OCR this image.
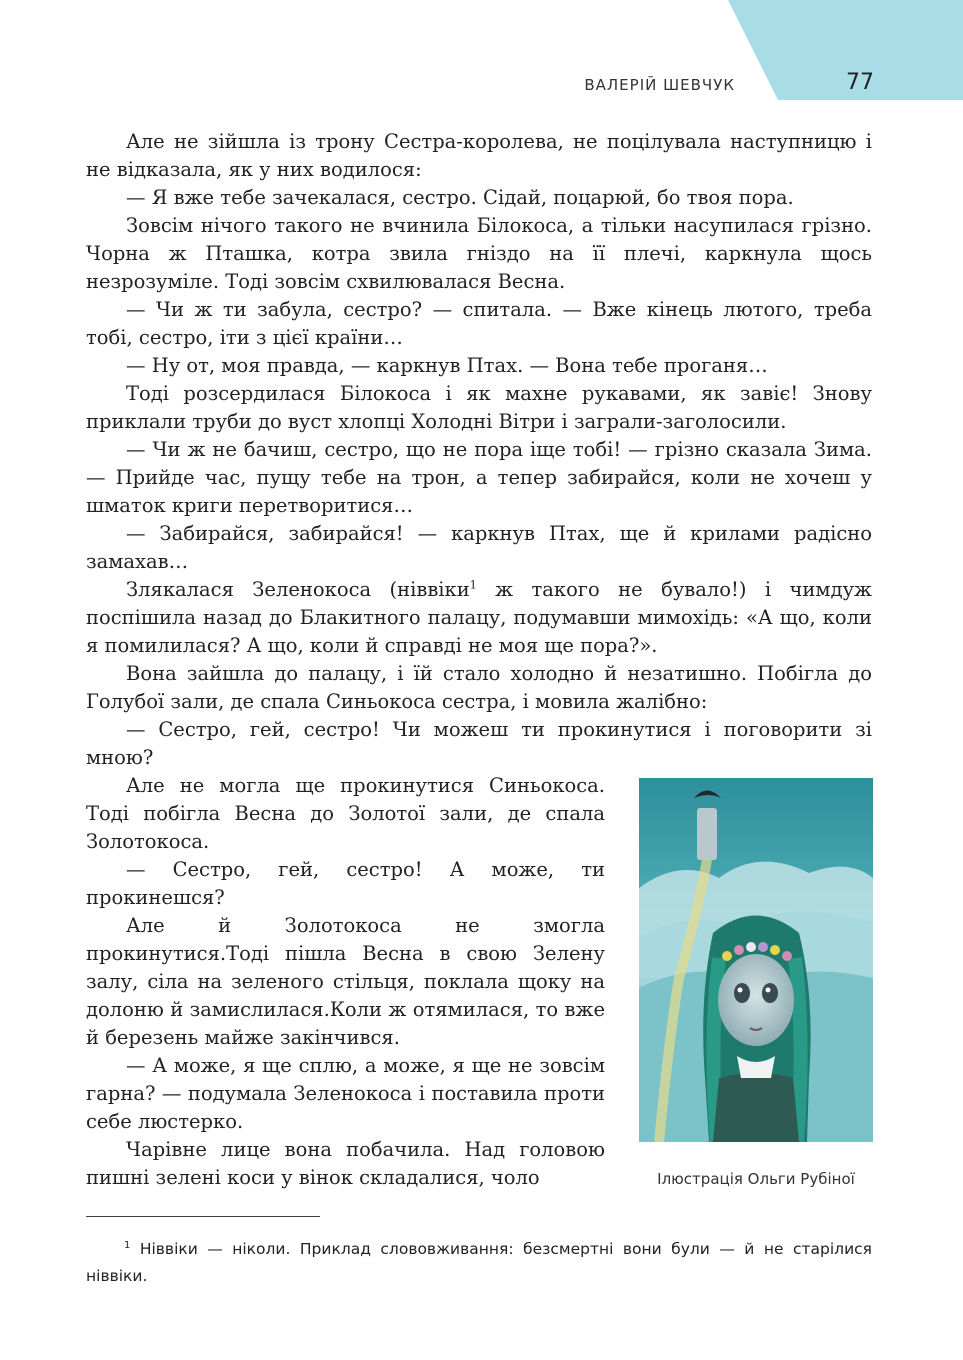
ВАЛЕРІЙ ШЕВЧУК	77

Але не зійшла із трону Сестра-королева, не поцілувала наступницю і не відказала, як у них водилося:

— Я вже тебе зачекалася, сестро. Сідай, поцарюй, бо твоя пора.

Зовсім нічого такого не вчинила Білокоса, а тільки насупилася грізно. Чорна ж Пташка, котра звила гніздо на її плечі, каркнула щось незрозуміле. Тоді зовсім схвилювалася Весна.

— Чи ж ти забула, сестро? — спитала. — Вже кінець лютого, треба тобі, сестро, іти з цієї країни…

— Ну от, моя правда, — каркнув Птах. — Вона тебе проганя…

Тоді розсердилася Білокоса і як махне рукавами, як завіє! Знову приклали труби до вуст хлопці Холодні Вітри і заграли-заголосили.

— Чи ж не бачиш, сестро, що не пора іще тобі! — грізно сказала Зима. — Прийде час, пущу тебе на трон, а тепер забирайся, коли не хочеш у шматок криги перетворитися…

— Забирайся, забирайся! — каркнув Птах, ще й крилами радісно замахав…

Злякалася Зеленокоса (ніввіки$^1$ ж такого не бувало!) і чимдуж поспішила назад до Блакитного палацу, подумавши мимохідь: «А що, коли я помилилася? А що, коли й справді не моя ще пора?».

Вона зайшла до палацу, і їй стало холодно й незатишно. Побігла до Голубої зали, де спала Синьокоса сестра, і мовила жалібно:

— Сестро, гей, сестро! Чи можеш ти прокинутися і поговорити зі мною?

Але не могла ще прокинутися Синьокоса. Тоді побігла Весна до Золотої зали, де спала Золотокоса.

— Сестро, гей, сестро! А може, ти прокинешся?

Але й Золотокоса не змогла прокинутися.Тоді пішла Весна в свою Зелену залу, сіла на зеленого стільця, поклала щоку на долоню й замислилася.Коли ж отямилася, то вже й березень майже закінчився.

— А може, я ще сплю, а може, я ще не зовсім гарна? — подумала Зеленокоса і поставила проти себе люстерко.

Чарівне лице вона побачила. Над головою пишні зелені коси у вінок складалися, чоло	Ілюстрація Ольги Рубіної
$^1$ Ніввіки — ніколи. Приклад слововживання: безсмертні вони були — й не старілися ніввіки.
